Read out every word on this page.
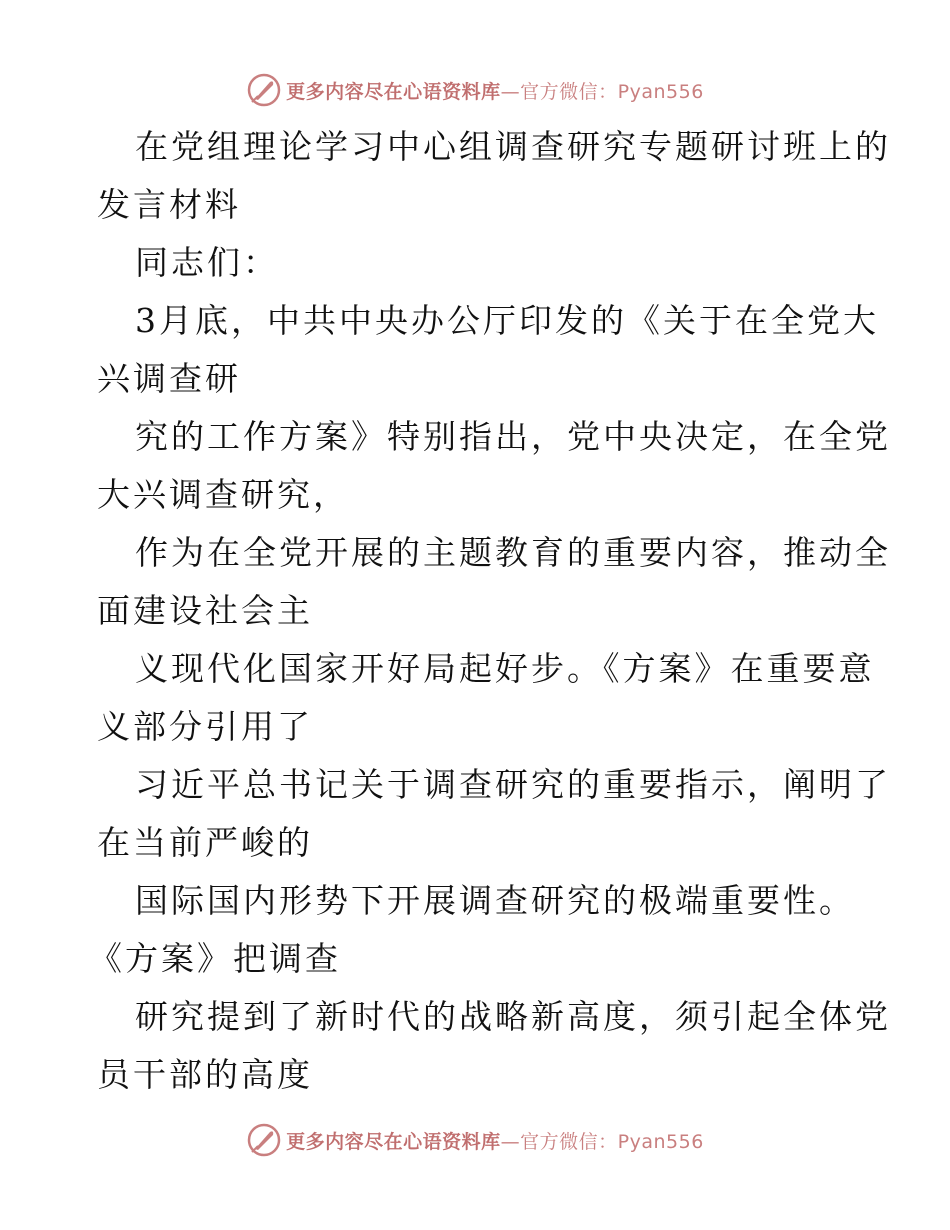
更多内容尽在心语资料库—官方微信：Pyan556
在党组理论学习中心组调查研究专题研讨班上的
发言材料
同志们：
3月底，中共中央办公厅印发的《关于在全党大
兴调查研
究的工作方案》特别指出，党中央决定，在全党
大兴调查研究，
作为在全党开展的主题教育的重要内容，推动全
面建设社会主
义现代化国家开好局起好步。《方案》在重要意
义部分引用了
习近平总书记关于调查研究的重要指示，阐明了
在当前严峻的
国际国内形势下开展调查研究的极端重要性。
《方案》把调查
研究提到了新时代的战略新高度，须引起全体党
员干部的高度
更多内容尽在心语资料库—官方微信：Pyan556
